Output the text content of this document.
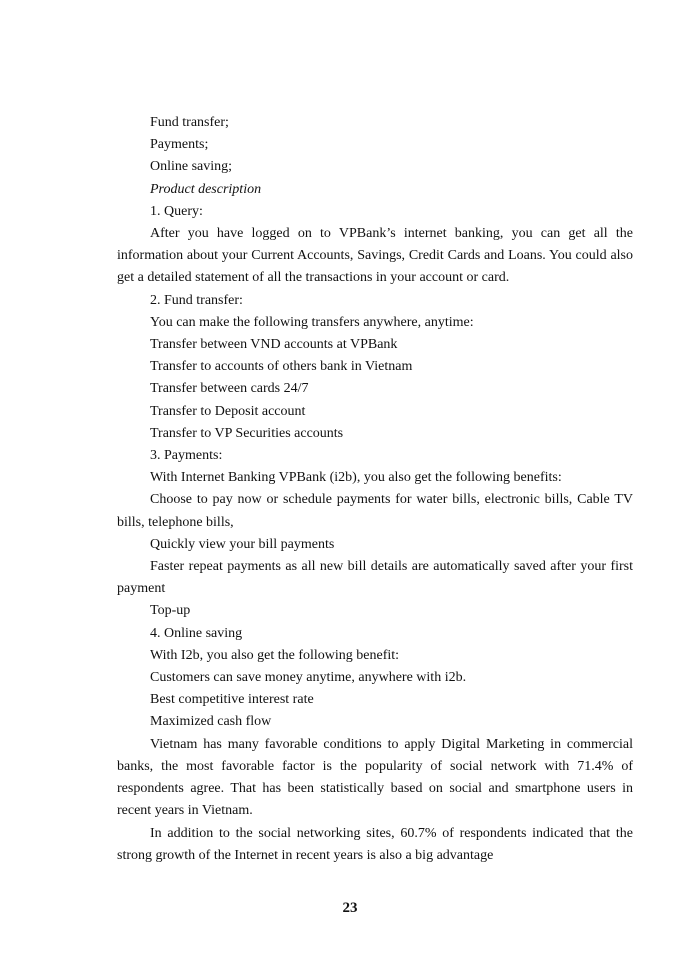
Fund transfer;

Payments;

Online saving;

Product description

1. Query:

After you have logged on to VPBank’s internet banking, you can get all the information about your Current Accounts, Savings, Credit Cards and Loans. You could also get a detailed statement of all the transactions in your account or card.

2. Fund transfer:

You can make the following transfers anywhere, anytime:

Transfer between VND accounts at VPBank

Transfer to accounts of others bank in Vietnam

Transfer between cards 24/7

Transfer to Deposit account

Transfer to VP Securities accounts

3. Payments:

With Internet Banking VPBank (i2b), you also get the following benefits:

Choose to pay now or schedule payments for water bills, electronic bills, Cable TV bills, telephone bills,

Quickly view your bill payments

Faster repeat payments as all new bill details are automatically saved after your first payment

Top-up

4. Online saving

With I2b, you also get the following benefit:

Customers can save money anytime, anywhere with i2b.

Best competitive interest rate

Maximized cash flow

Vietnam has many favorable conditions to apply Digital Marketing in commercial banks, the most favorable factor is the popularity of social network with 71.4% of respondents agree. That has been statistically based on social and smartphone users in recent years in Vietnam.

In addition to the social networking sites, 60.7% of respondents indicated that the strong growth of the Internet in recent years is also a big advantage

23
